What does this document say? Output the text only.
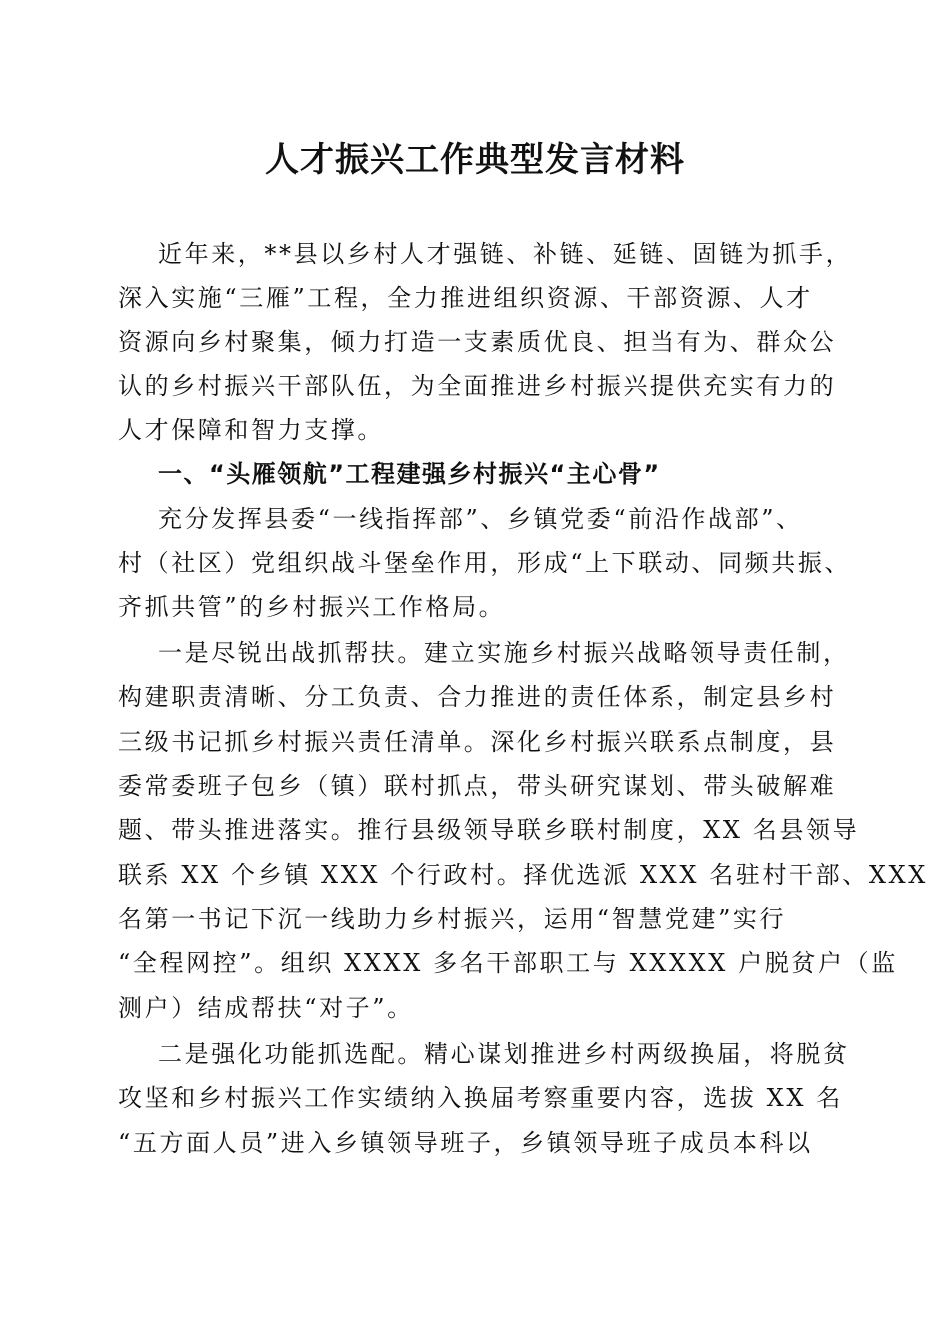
人才振兴工作典型发言材料
近年来，**县以乡村人才强链、补链、延链、固链为抓手，
深入实施“三雁”工程，全力推进组织资源、干部资源、人才
资源向乡村聚集，倾力打造一支素质优良、担当有为、群众公
认的乡村振兴干部队伍，为全面推进乡村振兴提供充实有力的
人才保障和智力支撑。
一、“头雁领航”工程建强乡村振兴“主心骨”
充分发挥县委“一线指挥部”、乡镇党委“前沿作战部”、
村（社区）党组织战斗堡垒作用，形成“上下联动、同频共振、
齐抓共管”的乡村振兴工作格局。
一是尽锐出战抓帮扶。建立实施乡村振兴战略领导责任制，
构建职责清晰、分工负责、合力推进的责任体系，制定县乡村
三级书记抓乡村振兴责任清单。深化乡村振兴联系点制度，县
委常委班子包乡（镇）联村抓点，带头研究谋划、带头破解难
题、带头推进落实。推行县级领导联乡联村制度，XX 名县领导
联系 XX 个乡镇 XXX 个行政村。择优选派 XXX 名驻村干部、XXX
名第一书记下沉一线助力乡村振兴，运用“智慧党建”实行
“全程网控”。组织 XXXX 多名干部职工与 XXXXX 户脱贫户（监
测户）结成帮扶“对子”。
二是强化功能抓选配。精心谋划推进乡村两级换届，将脱贫
攻坚和乡村振兴工作实绩纳入换届考察重要内容，选拔 XX 名
“五方面人员”进入乡镇领导班子，乡镇领导班子成员本科以
